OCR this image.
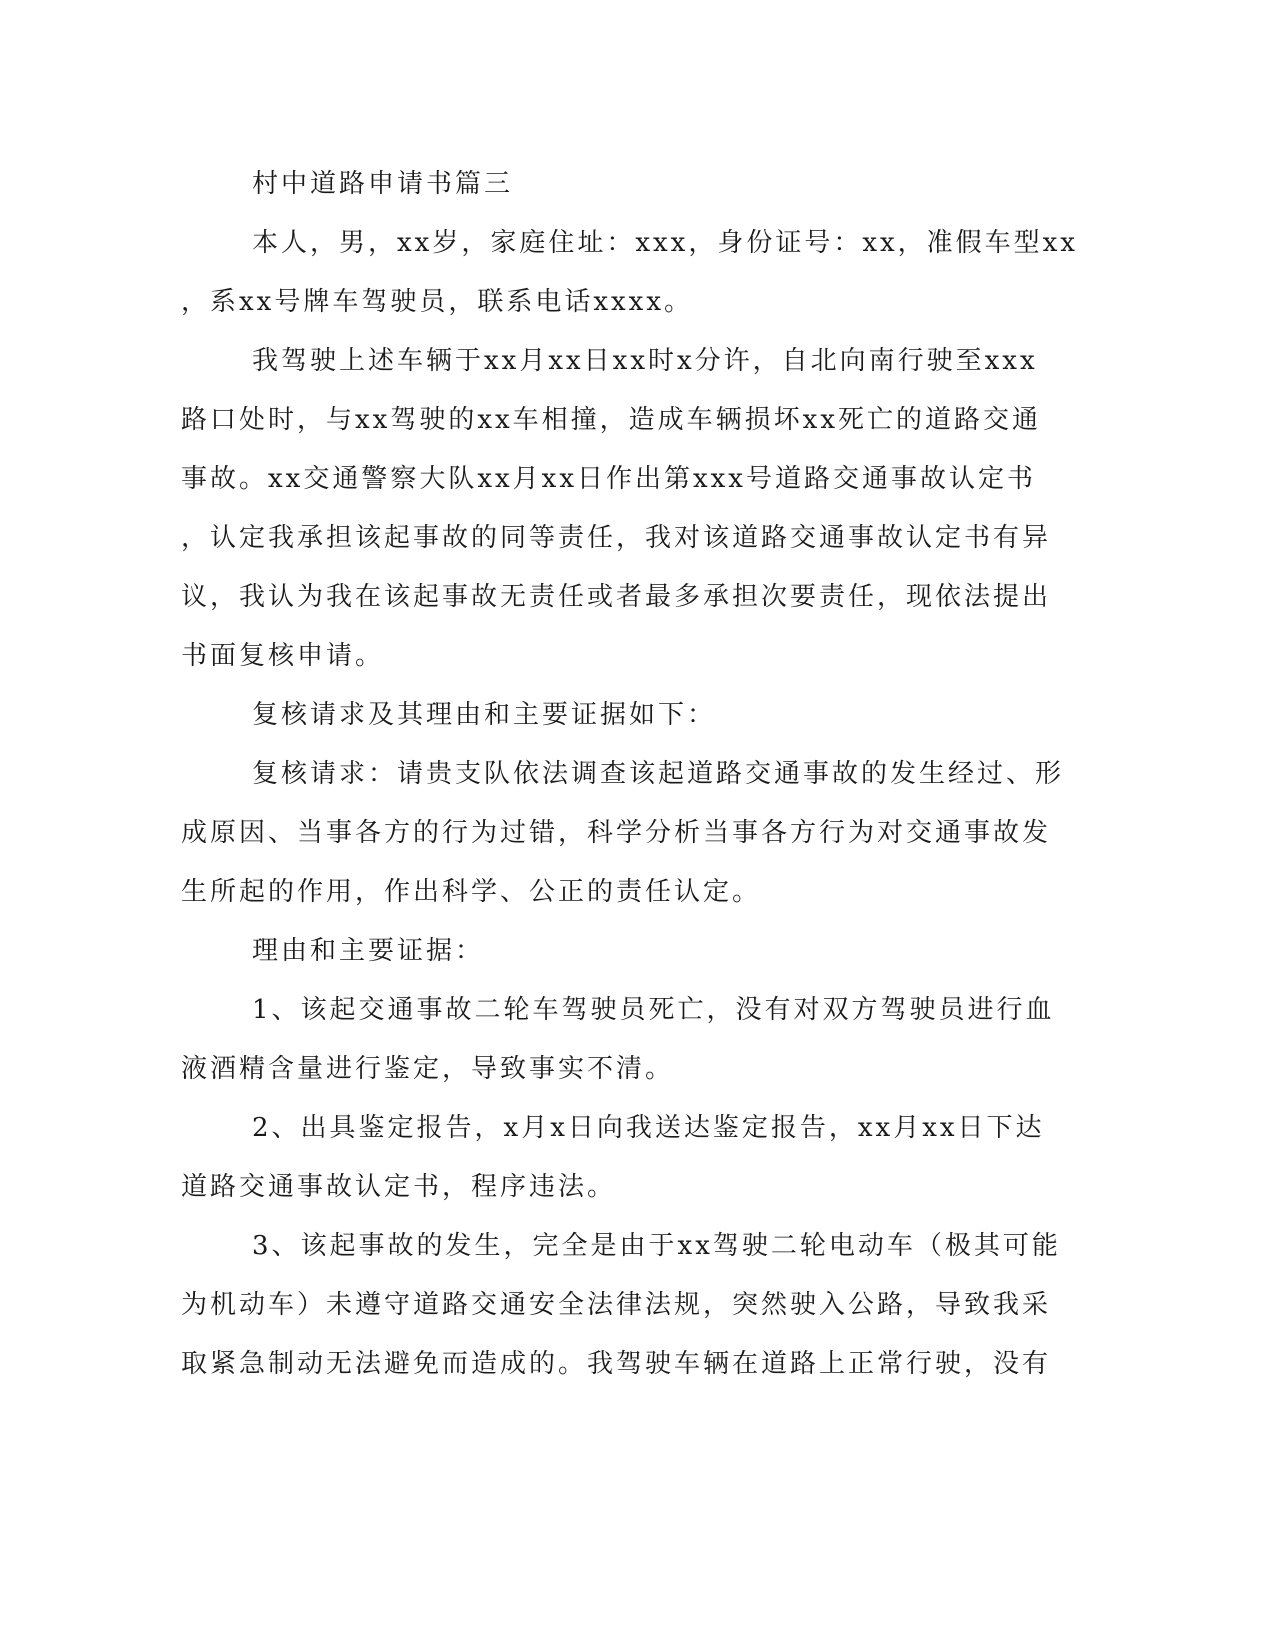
村中道路申请书篇三
本人，男，xx岁，家庭住址：xxx，身份证号：xx，准假车型xx
，系xx号牌车驾驶员，联系电话xxxx。
我驾驶上述车辆于xx月xx日xx时x分许，自北向南行驶至xxx
路口处时，与xx驾驶的xx车相撞，造成车辆损坏xx死亡的道路交通
事故。xx交通警察大队xx月xx日作出第xxx号道路交通事故认定书
，认定我承担该起事故的同等责任，我对该道路交通事故认定书有异
议，我认为我在该起事故无责任或者最多承担次要责任，现依法提出
书面复核申请。
复核请求及其理由和主要证据如下：
复核请求：请贵支队依法调查该起道路交通事故的发生经过、形
成原因、当事各方的行为过错，科学分析当事各方行为对交通事故发
生所起的作用，作出科学、公正的责任认定。
理由和主要证据：
1、该起交通事故二轮车驾驶员死亡，没有对双方驾驶员进行血
液酒精含量进行鉴定，导致事实不清。
2、出具鉴定报告，x月x日向我送达鉴定报告，xx月xx日下达
道路交通事故认定书，程序违法。
3、该起事故的发生，完全是由于xx驾驶二轮电动车（极其可能
为机动车）未遵守道路交通安全法律法规，突然驶入公路，导致我采
取紧急制动无法避免而造成的。我驾驶车辆在道路上正常行驶，没有
